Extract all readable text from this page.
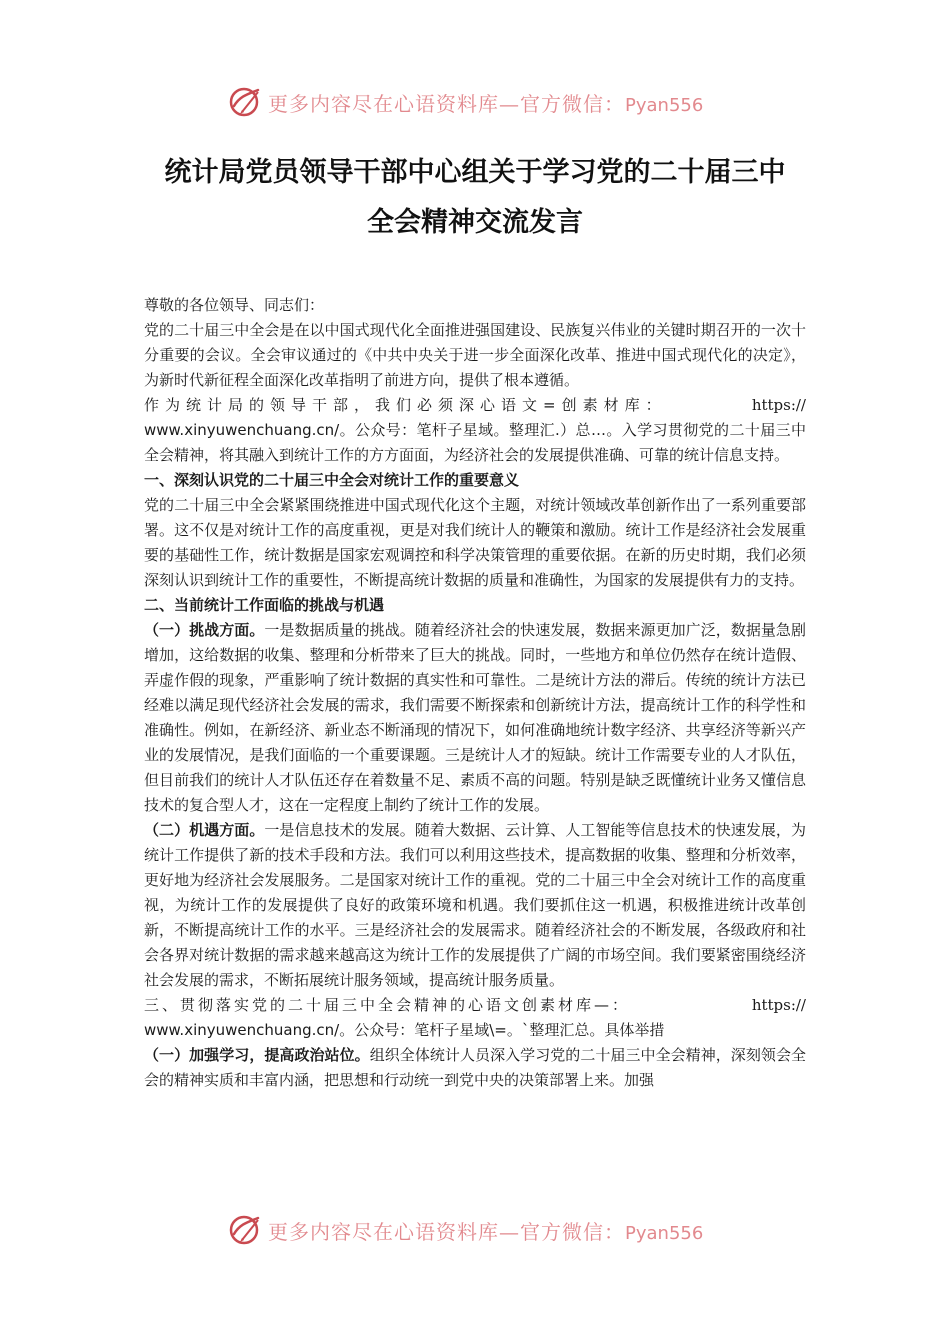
更多内容尽在心语资料库—官方微信：Pyan556
统计局党员领导干部中心组关于学习党的二十届三中
全会精神交流发言

尊敬的各位领导、同志们：

党的二十届三中全会是在以中国式现代化全面推进强国建设、民族复兴伟业的关键时期召开的一次十分重要的会议。全会审议通过的《中共中央关于进一步全面深化改革、推进中国式现代化的决定》，为新时代新征程全面深化改革指明了前进方向，提供了根本遵循。

作为统计局的领导干部，我们必须深心语文=创素材库：	https://

www.xinyuwenchuang.cn/。公众号：笔杆子星域。整理汇.）总…。入学习贯彻党的二十届三中全会精神，将其融入到统计工作的方方面面，为经济社会的发展提供准确、可靠的统计信息支持。

一、深刻认识党的二十届三中全会对统计工作的重要意义

党的二十届三中全会紧紧围绕推进中国式现代化这个主题，对统计领域改革创新作出了一系列重要部署。这不仅是对统计工作的高度重视，更是对我们统计人的鞭策和激励。统计工作是经济社会发展重要的基础性工作，统计数据是国家宏观调控和科学决策管理的重要依据。在新的历史时期，我们必须深刻认识到统计工作的重要性，不断提高统计数据的质量和准确性，为国家的发展提供有力的支持。

二、当前统计工作面临的挑战与机遇

（一）挑战方面。一是数据质量的挑战。随着经济社会的快速发展，数据来源更加广泛，数据量急剧增加，这给数据的收集、整理和分析带来了巨大的挑战。同时，一些地方和单位仍然存在统计造假、弄虚作假的现象，严重影响了统计数据的真实性和可靠性。二是统计方法的滞后。传统的统计方法已经难以满足现代经济社会发展的需求，我们需要不断探索和创新统计方法，提高统计工作的科学性和准确性。例如，在新经济、新业态不断涌现的情况下，如何准确地统计数字经济、共享经济等新兴产业的发展情况，是我们面临的一个重要课题。三是统计人才的短缺。统计工作需要专业的人才队伍，但目前我们的统计人才队伍还存在着数量不足、素质不高的问题。特别是缺乏既懂统计业务又懂信息技术的复合型人才，这在一定程度上制约了统计工作的发展。

（二）机遇方面。一是信息技术的发展。随着大数据、云计算、人工智能等信息技术的快速发展，为统计工作提供了新的技术手段和方法。我们可以利用这些技术，提高数据的收集、整理和分析效率，更好地为经济社会发展服务。二是国家对统计工作的重视。党的二十届三中全会对统计工作的高度重视，为统计工作的发展提供了良好的政策环境和机遇。我们要抓住这一机遇，积极推进统计改革创新，不断提高统计工作的水平。三是经济社会的发展需求。随着经济社会的不断发展，各级政府和社会各界对统计数据的需求越来越高这为统计工作的发展提供了广阔的市场空间。我们要紧密围绕经济社会发展的需求，不断拓展统计服务领域，提高统计服务质量。

三、贯彻落实党的二十届三中全会精神的心语文创素材库—：	https://

www.xinyuwenchuang.cn/。公众号：笔杆子星域\=。`整理汇总。具体举措

（一）加强学习，提高政治站位。组织全体统计人员深入学习党的二十届三中全会精神，深刻领会全会的精神实质和丰富内涵，把思想和行动统一到党中央的决策部署上来。加强

更多内容尽在心语资料库—官方微信：Pyan556
